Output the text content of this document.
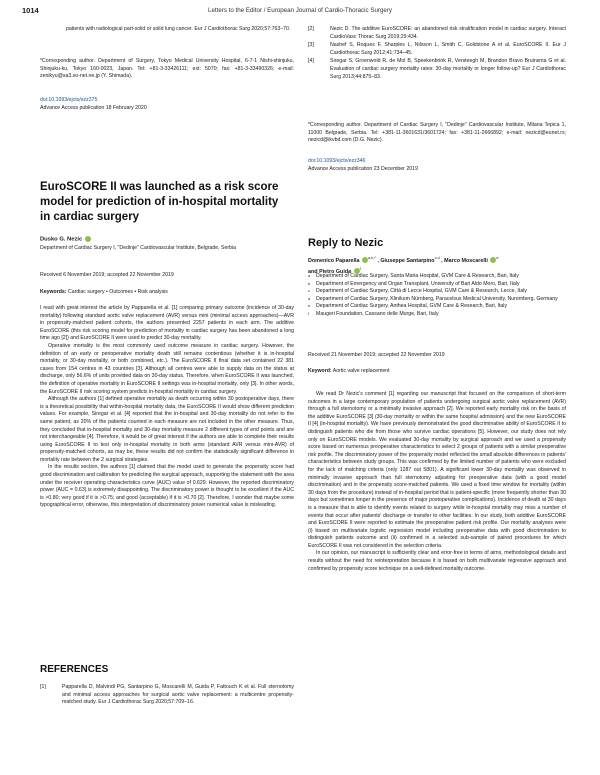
1014	Letters to the Editor / European Journal of Cardio-Thoracic Surgery
patients with radiological part-solid or solid lung cancer. Eur J Cardiothorac Surg 2020;57:763–70.
*Corresponding author. Department of Surgery, Tokyo Medical University Hospital, 6-7-1 Nishi-shinjuku, Shinjuku-ku, Tokyo 160-0023, Japan. Tel: +81-3-33426111; ext: 5070; fax: +81-3-33490326; e-mail: zenikyu@sa3.so-net.ne.jp (Y. Shimada).
doi:10.1093/ejcts/ezz375
Advance Access publication 18 February 2020
[2]	Nezic D. The additive EuroSCORE: an abandoned risk stratification model in cardiac surgery. Interact CardioVasc Thorac Surg 2019;29:434.
[3]	Nashef S, Roques F, Sharples L, Nilsson L, Smith C, Goldstone A et al. EuroSCORE II. Eur J Cardiothorac Surg 2012;41:734–45.
[4]	Siregar S, Groenwold R, de Mol B, Speekenbrink R, Versteegh M, Brandon Bravo Bruinsma G et al. Evaluation of cardiac surgery mortality rates: 30-day mortality or longer follow-up? Eur J Cardiothorac Surg 2013;44:875–83.
*Corresponding author. Department of Cardiac Surgery I, "Dedinje" Cardiovascular Institute, Milana Tepica 1, 11000 Belgrade, Serbia. Tel: +381-11-3601631/3601724; fax: +381-11-2666892; e-mail: nezicd@eunet.rs; nezicd@ikvbd.com (D.G. Nezic).
doi:10.1093/ejcts/ezz346
Advance Access publication 23 December 2019
EuroSCORE II was launched as a risk score model for prediction of in-hospital mortality in cardiac surgery
Dusko G. Nezic
Department of Cardiac Surgery I, "Dedinje" Cardiovascular Institute, Belgrade, Serbia
Received 6 November 2019; accepted 22 November 2019
Keywords: Cardiac surgery • Outcomes • Risk analysis

I read with great interest the article by Papparella et al. [1] comparing primary outcome (incidence of 30-day mortality) following standard aortic valve replacement (AVR) versus mini (minimal access approaches)—AVR in propensity-matched patient cohorts, the authors presented 2257 patients in each arm. The additive EuroSCORE (this risk scoring model for prediction of mortality in cardiac surgery has been abandoned a long time ago [2]) and EuroSCORE II were used to predict 30-day mortality.

Operative mortality is the most commonly used outcome measure in cardiac surgery. However, the definition of an early or perioperative mortality death still remains contentious (whether it is in-hospital mortality, or 30-day mortality, or both combined, etc.). The EuroSCORE II final data set contained 22 381 cases from 154 centres in 43 countries [3]. Although all centres were able to supply data on the status at discharge, only 56.6% of units provided data on 30-day status. Therefore, when EuroSCORE II was launched, the definition of operative mortality in EuroSCORE II settings was in-hospital mortality, only [3]. In other words, the EuroSCORE II risk scoring system predicts in-hospital mortality in cardiac surgery.

Although the authors [1] defined operative mortality as death occurring within 30 postoperative days, there is a theoretical possibility that within-hospital mortality data, the EuroSCORE II would show different prediction values. For example, Siregar et al. [4] reported that the in-hospital and 30-day mortality do not refer to the same patient, as 20% of the patients counted in each measure are not included in the other measure. Thus, they concluded that in-hospital mortality and 30-day mortality measure 2 different types of end points and are not interchangeable [4]. Therefore, it would be of great interest if the authors are able to complete their results using EuroSCORE II to test only in-hospital mortality in both arms (standard AVR versus mini-AVR) of propensity-matched cohorts, as may be, these results did not confirm the statistically significant difference in mortality rate between the 2 surgical strategies.

In the results section, the authors [1] claimed that the model used to generate the propensity score had good discrimination and calibration for predicting the surgical approach, supporting the statement with the area under the receiver operating characteristics curve (AUC) value of 0.629. However, the reported discriminatory power (AUC = 0.63) is extremely disappointing. The discriminatory power is thought to be excellent if the AUC is >0.80; very good if it is >0.75; and good (acceptable) if it is >0.70 [2]. Therefore, I wonder that maybe some typographical error, otherwise, this interpretation of discriminatory power numerical value is misleading.

REFERENCES
[1]	Papparella D, Malvindi PG, Santarpino G, Moscarelli M, Guida P, Fattouch K et al. Full sternotomy and minimal access approaches for surgical aortic valve replacement: a multicentre propensity-matched study. Eur J Cardiothorac Surg 2020;57:709–16.
Reply to Nezic
Domenico Paparella $^{a,b,*}$ , Giuseppe Santarpino$^{c,d}$ , Marco Moscarelli $^e$
and Pietro Guida $^f$
a	Department of Cardiac Surgery, Santa Maria Hospital, GVM Care & Research, Bari, Italy
b	Department of Emergency and Organ Transplant, University of Bari Aldo Moro, Bari, Italy
c	Department of Cardiac Surgery, Città di Lecce Hospital, GVM Care & Research, Lecce, Italy
d	Department of Cardiac Surgery, Klinikum Nürnberg, Paracelsus Medical University, Nuremberg, Germany
e	Department of Cardiac Surgery, Anthea Hospital, GVM Care & Research, Bari, Italy
f	Maugeri Foundation, Cassano delle Murge, Bari, Italy
Received 21 November 2019; accepted 22 November 2019
Keyword: Aortic valve replacement

We read Dr Nezic's comment [1] regarding our manuscript that focused on the comparison of short-term outcomes in a large contemporary population of patients undergoing surgical aortic valve replacement (AVR) through a full sternotomy or a minimally invasive approach [2]. We reported early mortality risk on the basis of the additive EuroSCORE [3] (30-day mortality or within the same hospital admission) and the new EuroSCORE II [4] (in-hospital mortality). We have previously demonstrated the good discriminative ability of EuroSCORE II to distinguish patients who die from those who survive cardiac operations [5]. However, our study does not rely only on EuroSCORE models. We evaluated 30-day mortality by surgical approach and we used a propensity score based on numerous preoperative characteristics to select 2 groups of patients with a similar preoperative risk profile. The discriminatory power of the propensity model reflected the small absolute differences in patients' characteristics between study groups. This was confirmed by the limited number of patients who were excluded for the lack of matching criteria (only 1287 out 5801). A significant lower 30-day mortality was observed in minimally invasive approach than full sternotomy adjusting for preoperative data (with a good model discrimination) and in the propensity score-matched patients. We used a fixed time window for mortality (within 30 days from the procedure) instead of in-hospital period that is patient-specific (more frequently shorter than 30 days but sometimes longer in the presence of major postoperative complications). Incidence of death at 30 days is a measure that is able to identify events related to surgery while in-hospital mortality may miss a number of events that occur after patients' discharge or transfer to other facilities. In our study, both additive EuroSCORE and EuroSCORE II were reported to estimate the preoperative patient risk profile. Our mortality analyses were (i) based on multivariate logistic regression model including preoperative data with good discrimination to distinguish patients outcome and (ii) confirmed in a selected sub-sample of paired procedures for which EuroSCORE II was not considered in the selection criteria.

In our opinion, our manuscript is sufficiently clear and error-free in terms of aims, methodological details and results without the need for reinterpretation because it is based on both multivariate regressive approach and confirmed by propensity score technique on a well-defined mortality outcome.
